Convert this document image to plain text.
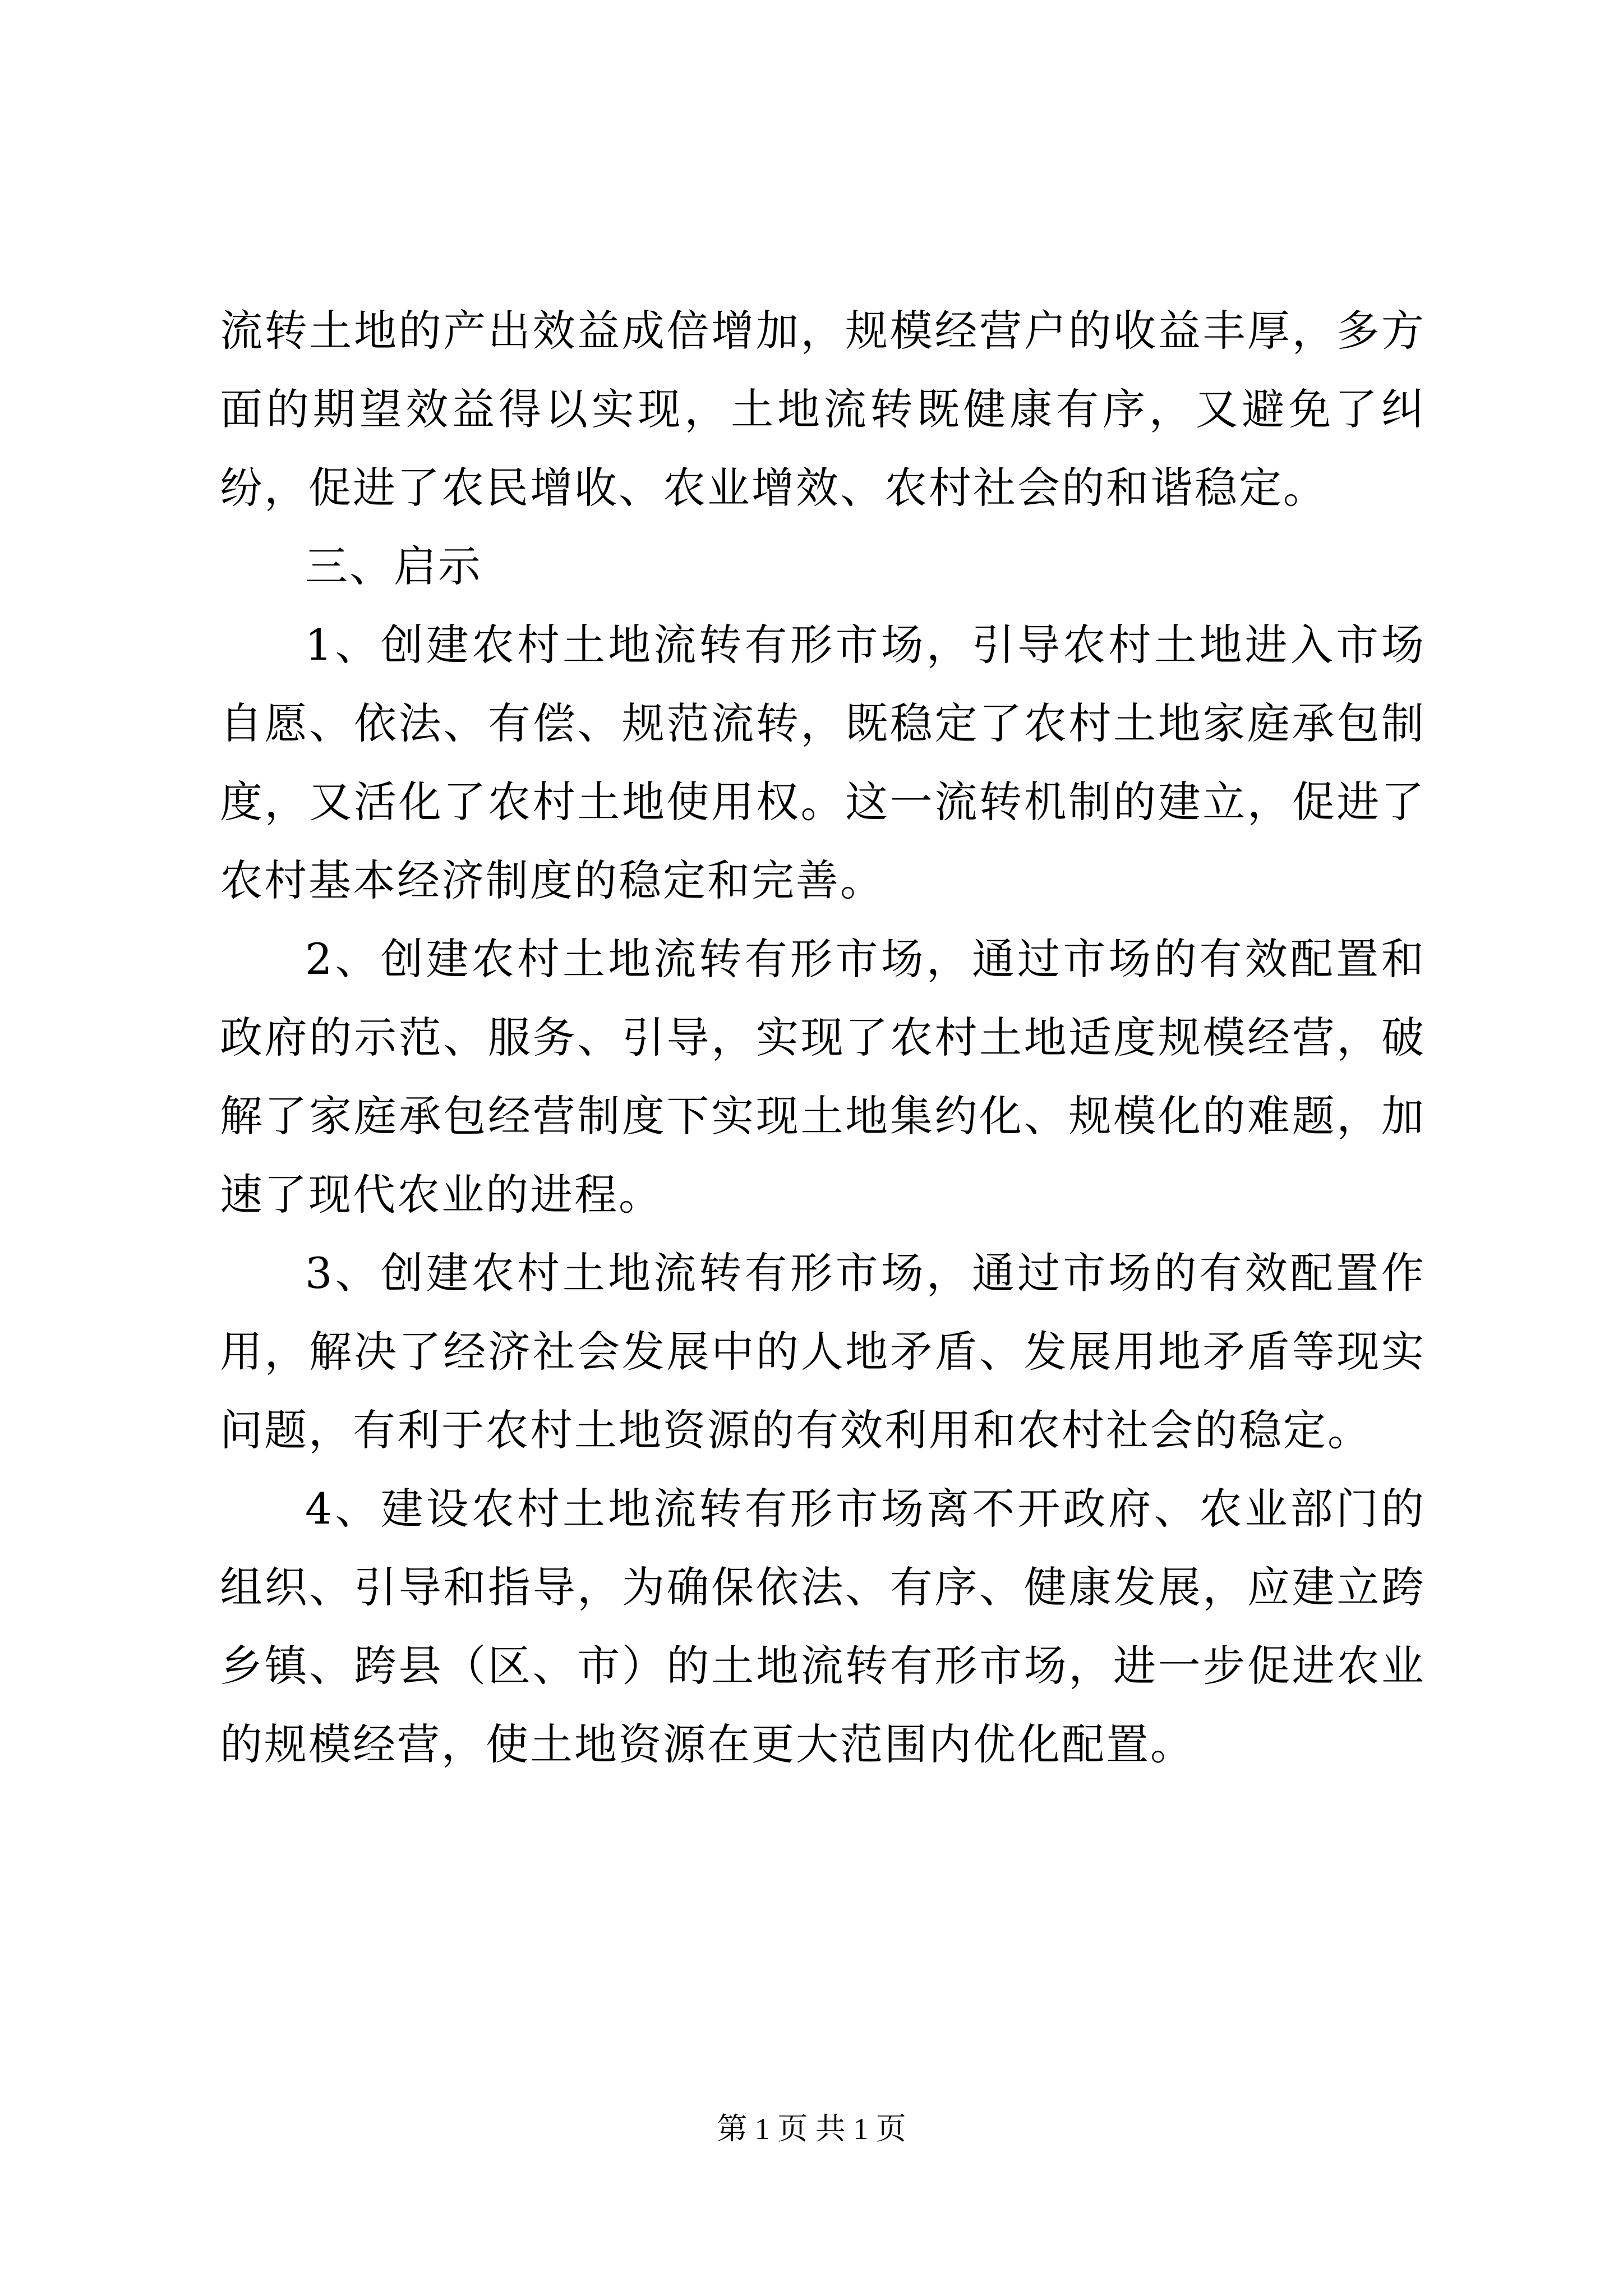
流转土地的产出效益成倍增加，规模经营户的收益丰厚，多方面的期望效益得以实现，土地流转既健康有序，又避免了纠纷，促进了农民增收、农业增效、农村社会的和谐稳定。

三、启示

1、创建农村土地流转有形市场，引导农村土地进入市场自愿、依法、有偿、规范流转，既稳定了农村土地家庭承包制度，又活化了农村土地使用权。这一流转机制的建立，促进了农村基本经济制度的稳定和完善。

2、创建农村土地流转有形市场，通过市场的有效配置和政府的示范、服务、引导，实现了农村土地适度规模经营，破解了家庭承包经营制度下实现土地集约化、规模化的难题，加速了现代农业的进程。

3、创建农村土地流转有形市场，通过市场的有效配置作用，解决了经济社会发展中的人地矛盾、发展用地矛盾等现实问题，有利于农村土地资源的有效利用和农村社会的稳定。

4、建设农村土地流转有形市场离不开政府、农业部门的组织、引导和指导，为确保依法、有序、健康发展，应建立跨乡镇、跨县（区、市）的土地流转有形市场，进一步促进农业的规模经营，使土地资源在更大范围内优化配置。

第 1 页 共 1 页
